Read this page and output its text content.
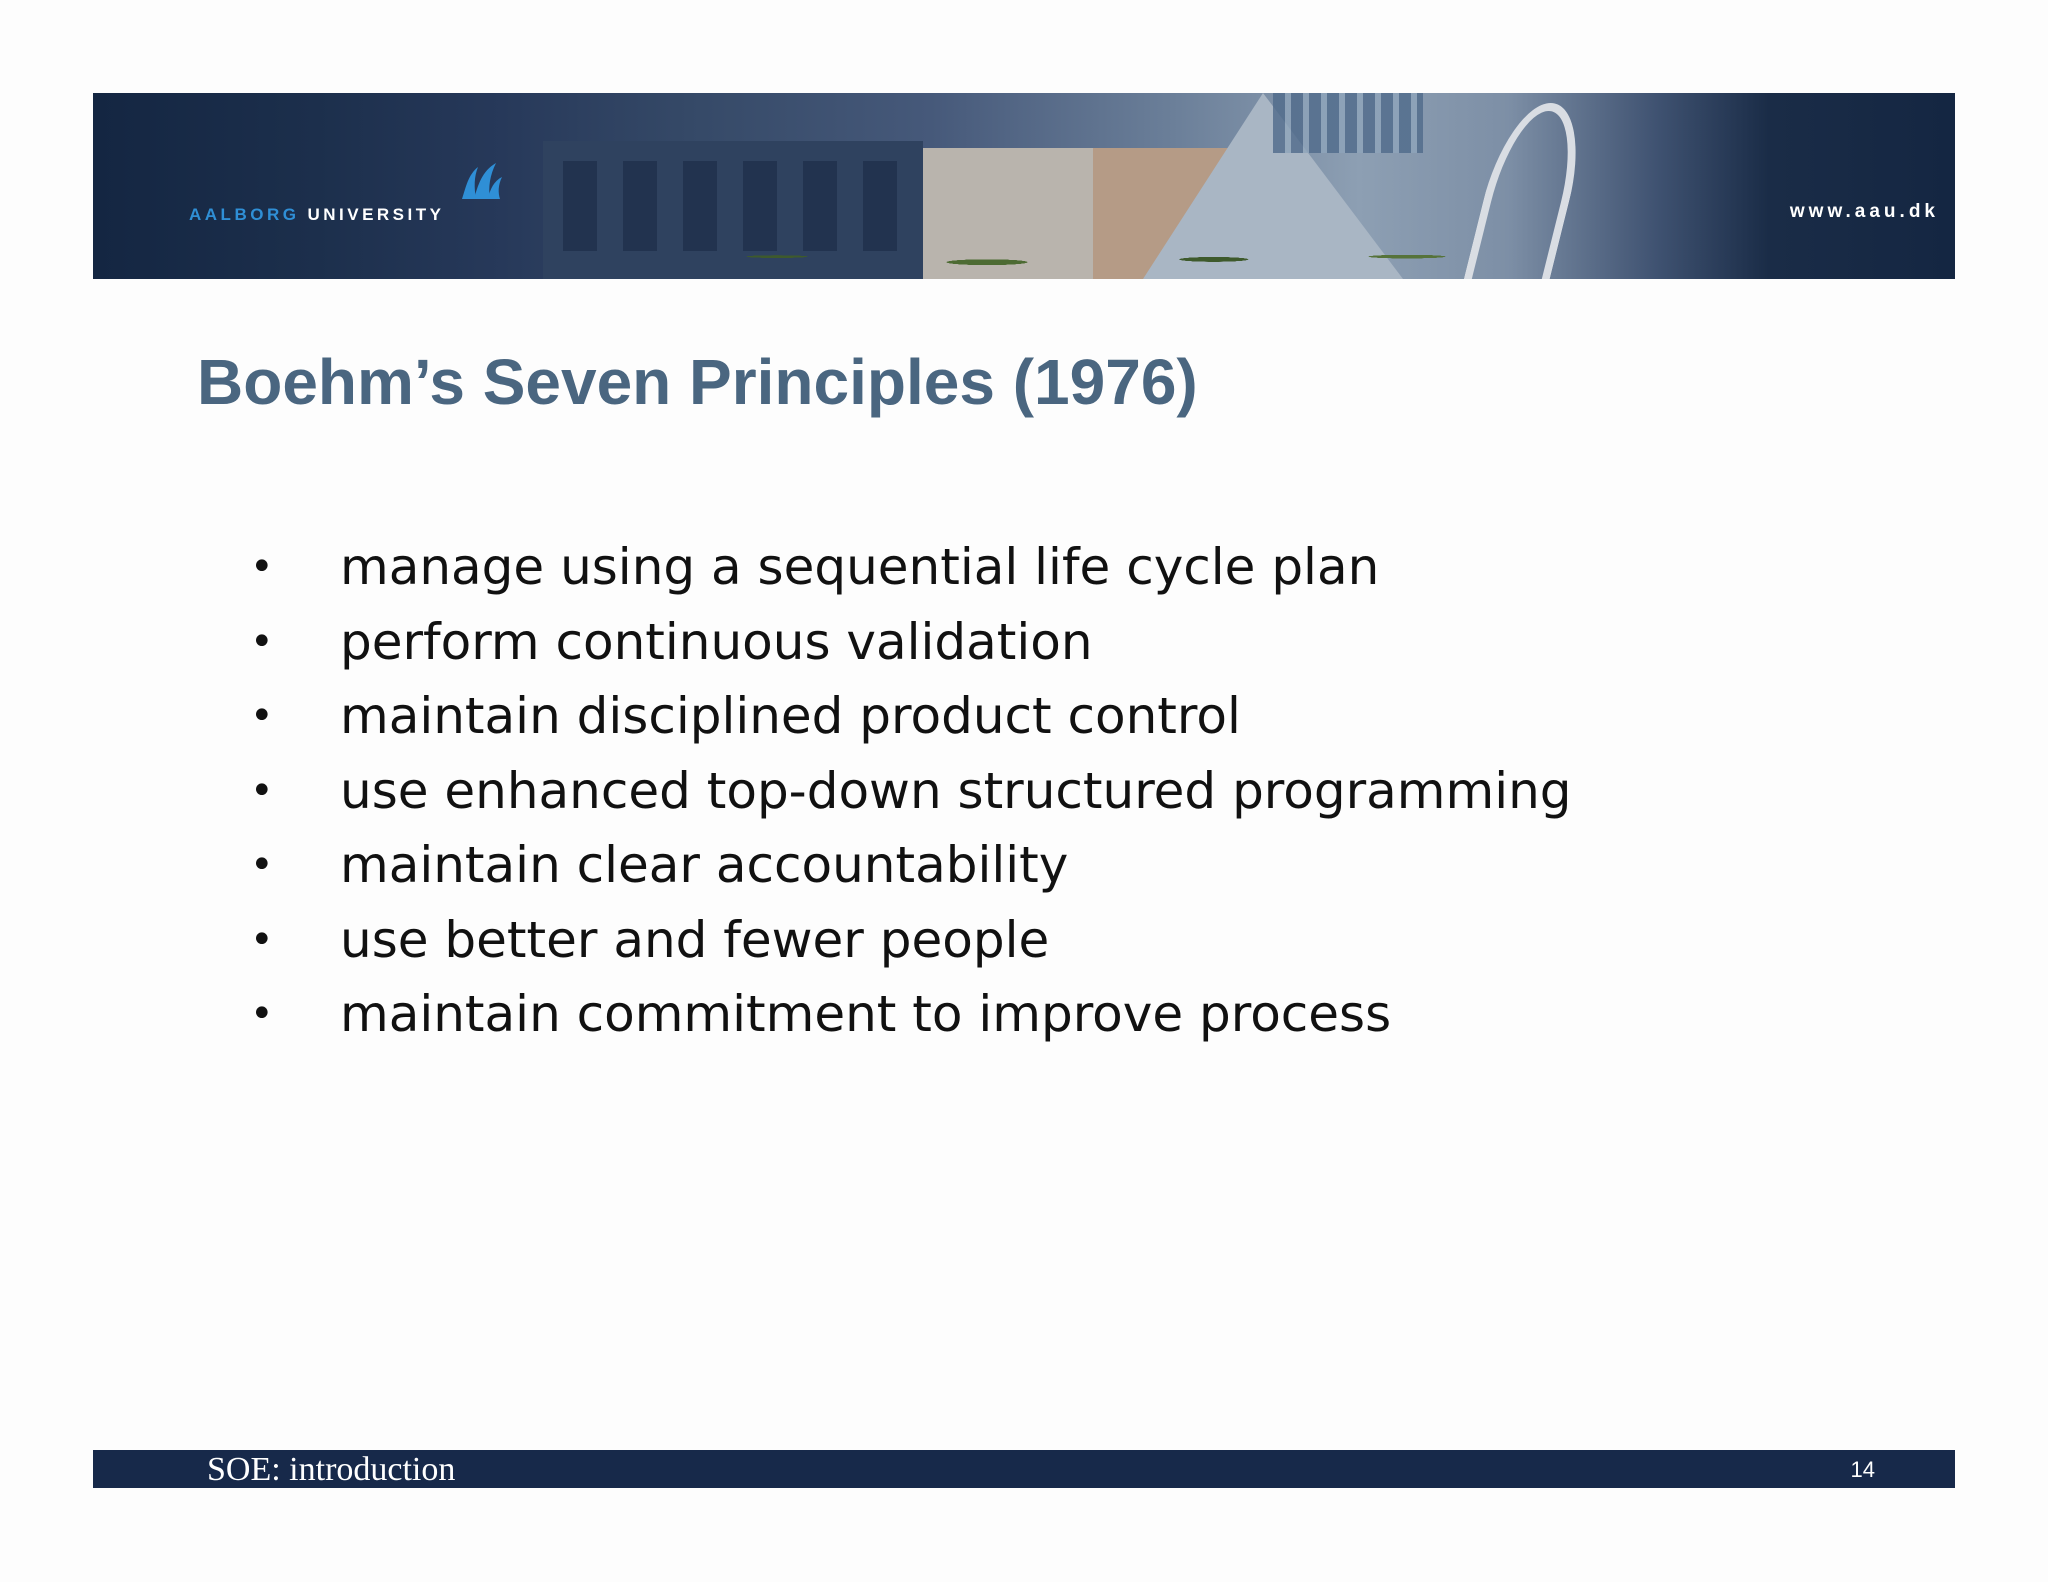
AALBORG UNIVERSITY	www.aau.dk
Boehm’s Seven Principles (1976)
• manage using a sequential life cycle plan
• perform continuous validation
• maintain disciplined product control
• use enhanced top-down structured programming
• maintain clear accountability
• use better and fewer people
• maintain commitment to improve process
SOE: introduction	14
